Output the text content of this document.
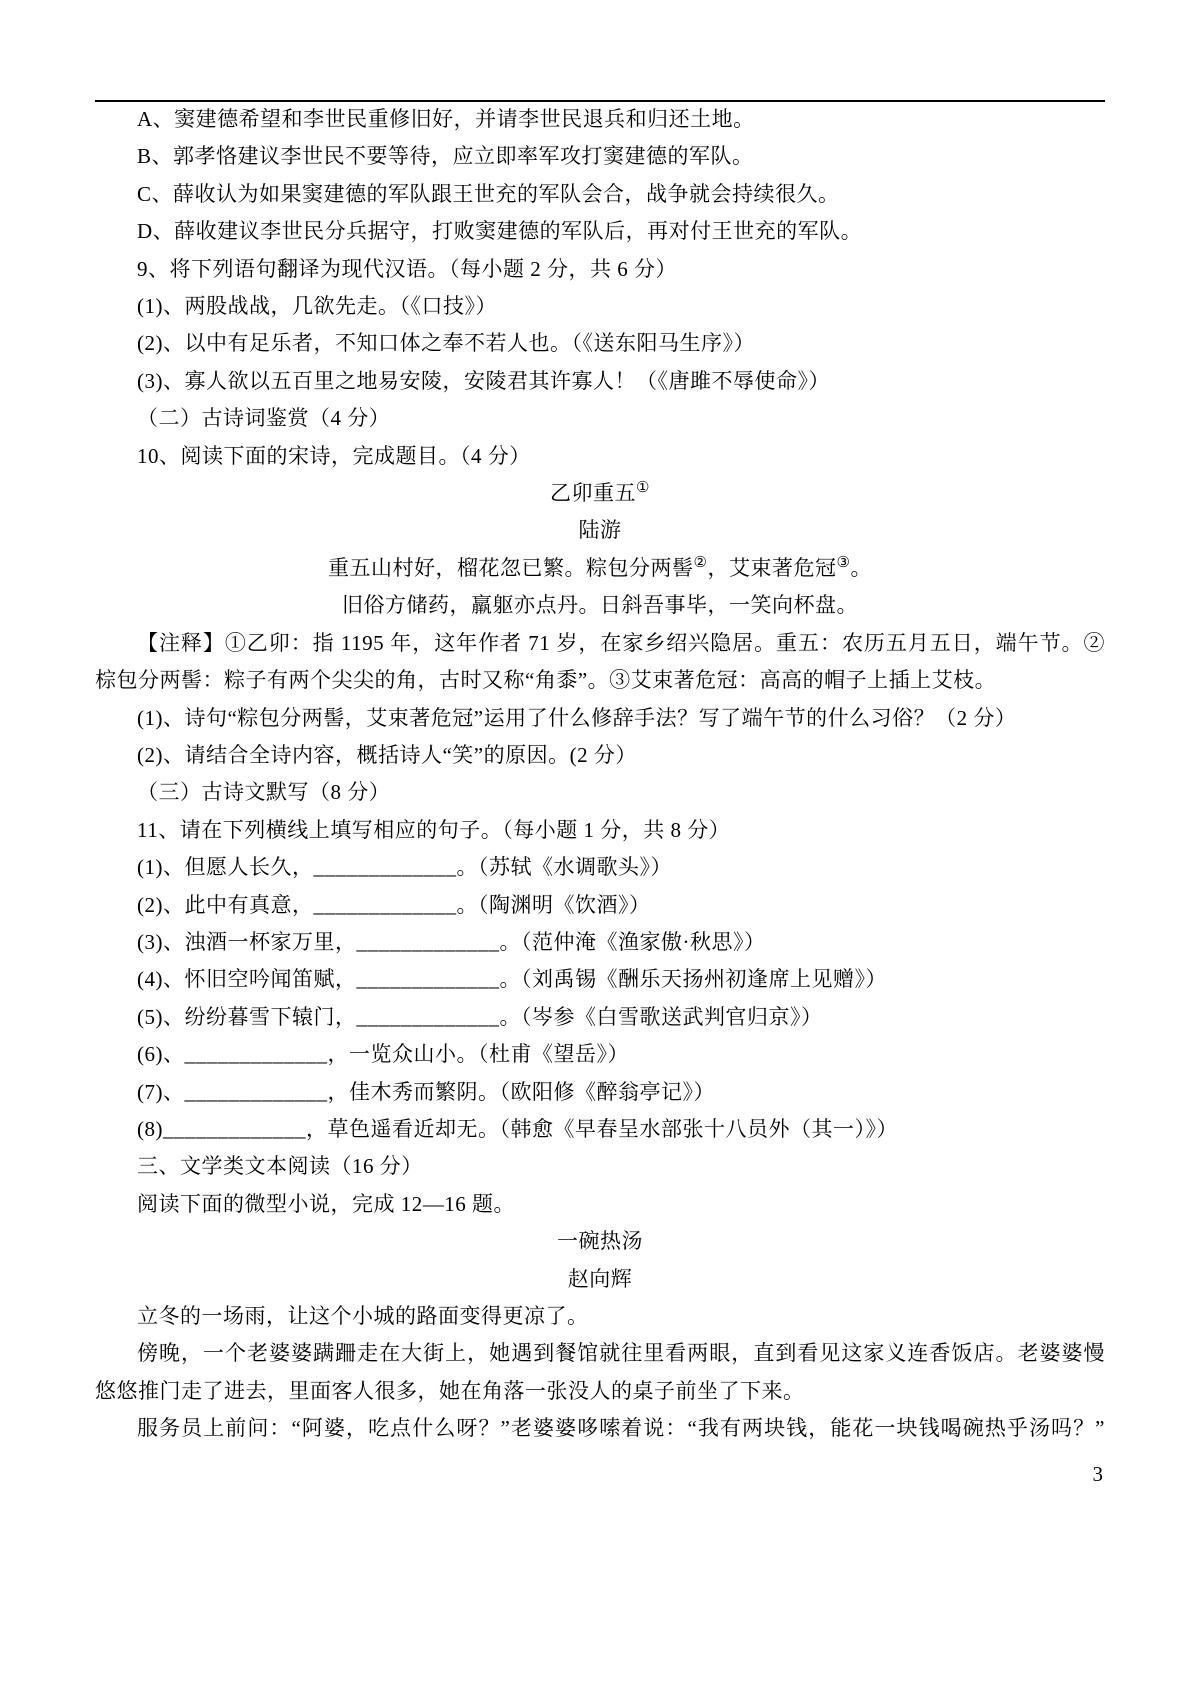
A、窦建德希望和李世民重修旧好，并请李世民退兵和归还土地。

B、郭孝恪建议李世民不要等待，应立即率军攻打窦建德的军队。

C、薛收认为如果窦建德的军队跟王世充的军队会合，战争就会持续很久。

D、薛收建议李世民分兵据守，打败窦建德的军队后，再对付王世充的军队。

9、将下列语句翻译为现代汉语。（每小题 2 分，共 6 分）

(1)、两股战战，几欲先走。（《口技》）

(2)、以中有足乐者，不知口体之奉不若人也。（《送东阳马生序》）

(3)、寡人欲以五百里之地易安陵，安陵君其许寡人！（《唐雎不辱使命》）

（二）古诗词鉴赏（4 分）

10、阅读下面的宋诗，完成题目。（4 分）

乙卯重五①

陆游

重五山村好，榴花忽已繁。粽包分两髻②，艾束著危冠③。

旧俗方储药，羸躯亦点丹。日斜吾事毕，一笑向杯盘。

【注释】①乙卯：指 1195 年，这年作者 71 岁，在家乡绍兴隐居。重五：农历五月五日，端午节。②

棕包分两髻：粽子有两个尖尖的角，古时又称“角黍”。③艾束著危冠：高高的帽子上插上艾枝。

(1)、诗句“粽包分两髻，艾束著危冠”运用了什么修辞手法？写了端午节的什么习俗？（2 分）

(2)、请结合全诗内容，概括诗人“笑”的原因。(2 分）

（三）古诗文默写（8 分）

11、请在下列横线上填写相应的句子。（每小题 1 分，共 8 分）

(1)、但愿人长久，_____________。（苏轼《水调歌头》）

(2)、此中有真意，_____________。（陶渊明《饮酒》）

(3)、浊酒一杯家万里，_____________。（范仲淹《渔家傲·秋思》）

(4)、怀旧空吟闻笛赋，_____________。（刘禹锡《酬乐天扬州初逢席上见赠》）

(5)、纷纷暮雪下辕门，_____________。（岑参《白雪歌送武判官归京》）

(6)、_____________，一览众山小。（杜甫《望岳》）

(7)、_____________，佳木秀而繁阴。（欧阳修《醉翁亭记》）

(8)_____________，草色遥看近却无。（韩愈《早春呈水部张十八员外（其一）》）

三、文学类文本阅读（16 分）

阅读下面的微型小说，完成 12—16 题。

一碗热汤

赵向辉

立冬的一场雨，让这个小城的路面变得更凉了。

傍晚，一个老婆婆蹒跚走在大街上，她遇到餐馆就往里看两眼，直到看见这家义连香饭店。老婆婆慢

悠悠推门走了进去，里面客人很多，她在角落一张没人的桌子前坐了下来。

服务员上前问：“阿婆，吃点什么呀？”老婆婆哆嗦着说：“我有两块钱，能花一块钱喝碗热乎汤吗？”

3
